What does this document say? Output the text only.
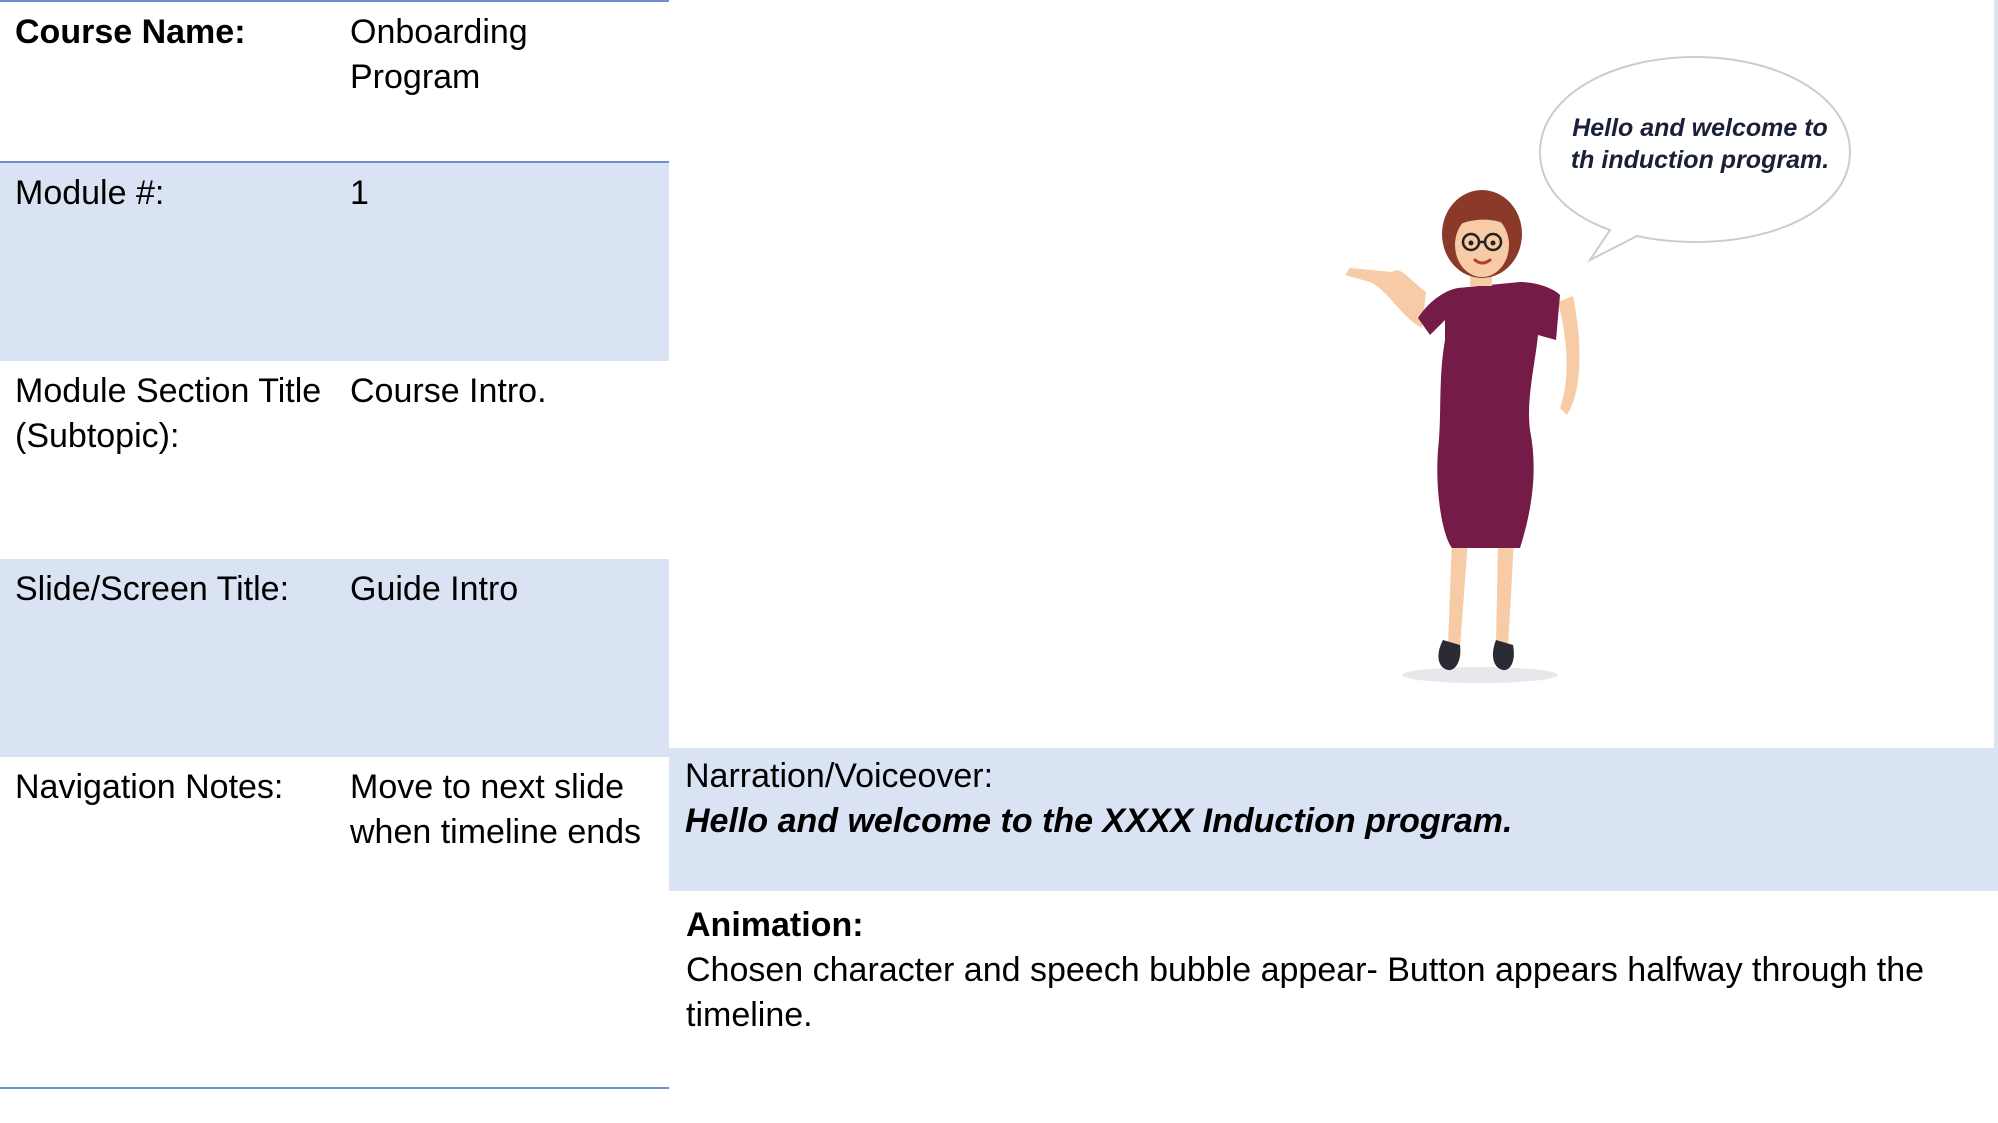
Course Name:	Onboarding Program
Module #:	1
Module Section Title (Subtopic):
Course Intro.
Slide/Screen Title:	Guide Intro
Navigation Notes:	Move to next slide when timeline ends
Hello and welcome to th induction program.
Narration/Voiceover:
Hello and welcome to the XXXX Induction program.
Animation:
Chosen character and speech bubble appear- Button appears halfway through the timeline.
